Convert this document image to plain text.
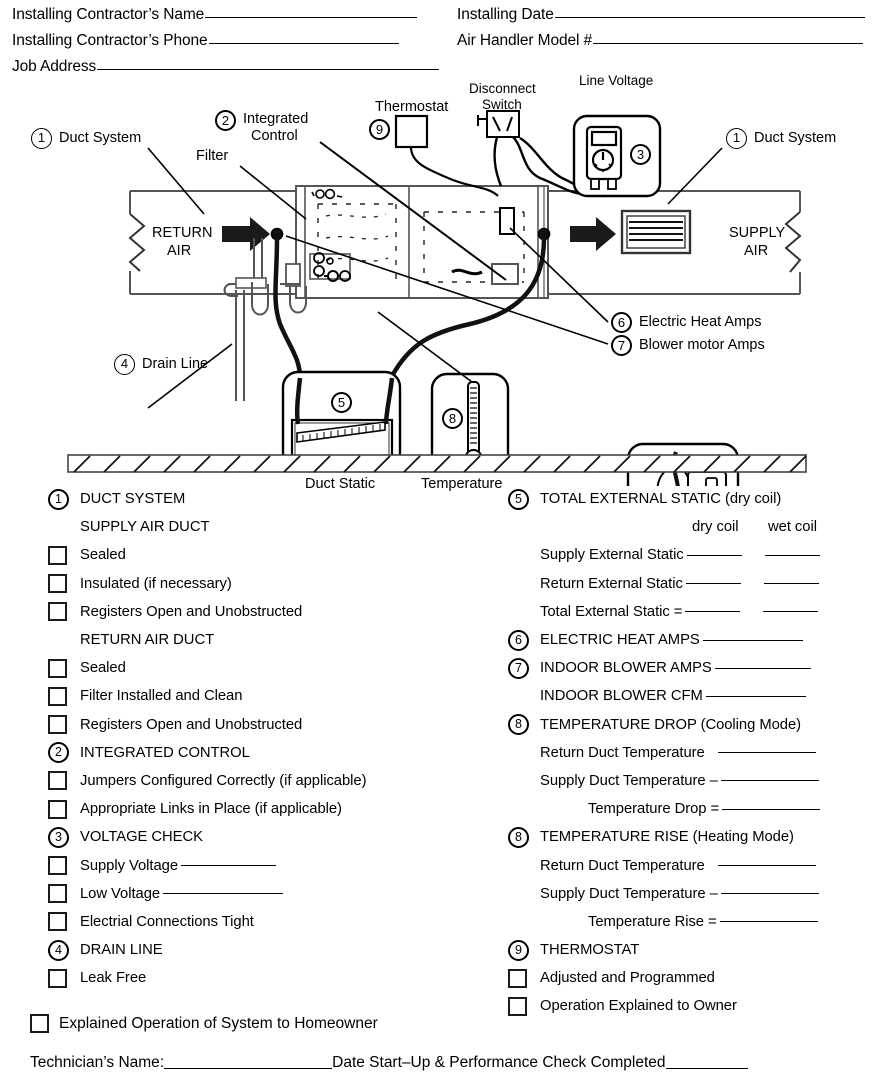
Installing Contractor’s Name	Installing Date
Installing Contractor’s Phone	Air Handler Model #
Job Address
1 Duct System
2 Integrated
Control
Filter
Thermostat
9
Disconnect
Switch
Line Voltage
3
1 Duct System
RETURN
AIR
SUPPLY
AIR
4 Drain Line
5
Duct Static
8
Temperature
6 Electric Heat Amps
7 Blower motor Amps
1	DUCT SYSTEM
SUPPLY AIR DUCT
Sealed
Insulated (if necessary)
Registers Open and Unobstructed
RETURN AIR DUCT
Sealed
Filter Installed and Clean
Registers Open and Unobstructed
2	INTEGRATED CONTROL
Jumpers Configured Correctly (if applicable)
Appropriate Links in Place (if applicable)
3	VOLTAGE CHECK
Supply Voltage
Low Voltage
Electrial Connections Tight
4	DRAIN LINE
Leak Free
5	TOTAL EXTERNAL STATIC (dry coil)
dry coil	wet coil
Supply External Static
Return External Static
Total External Static =
6	ELECTRIC HEAT AMPS
7	INDOOR BLOWER AMPS
INDOOR BLOWER CFM
8	TEMPERATURE DROP (Cooling Mode)
Return Duct Temperature
Supply Duct Temperature –
Temperature Drop =
8	TEMPERATURE RISE (Heating Mode)
Return Duct Temperature
Supply Duct Temperature –
Temperature Rise =
9	THERMOSTAT
Adjusted and Programmed
Operation Explained to Owner
Explained Operation of System to Homeowner
Technician’s Name:	Date Start–Up & Performance Check Completed
